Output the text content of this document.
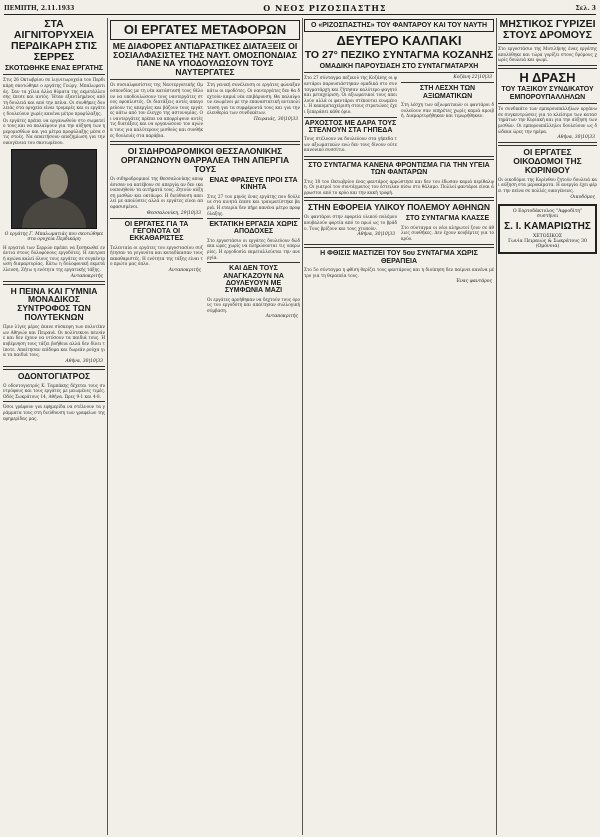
ΠΕΜΠΤΗ, 2.11.1933	Ο ΝΕΟΣ ΡΙΖΟΣΠΑΣΤΗΣ	Σελ. 3
ΣΤΑ ΑΙΓΝΙΤΟΡΥΧΕΙΑ ΠΕΡΔΙΚΑΡΗ ΣΤΙΣ ΣΕΡΡΕΣ
ΣΚΟΤΩΘΗΚΕ ΕΝΑΣ ΕΡΓΑΤΗΣ

Στις 26 Οκτωβρίου σε λιγνιτωρυχεία του Περδικάρη σκοτώθηκε ο εργάτης Γεώργ. Μπαλωματιάς. Σαν τα χίλια άλλα θύματα της εκμετάλλευσης έπεσε και αυτός. Ήταν εξαντλημένος από τη δουλειά και από την πείνα. Οι συνθήκες δουλειάς στα ορυχεία είναι τρομερές και οι εργάτες δουλεύουν χωρίς κανένα μέτρο προφύλαξης.

Οι εργάτες πρέπει να οργανωθούν στο σωματείο τους και να παλαίψουν για την αύξηση των ημερομισθίων και για μέτρα προφύλαξης μέσα στις στοές. Να απαιτήσουν αποζημίωση για την οικογένεια του σκοτωμένου.

Ο εργάτης Γ. Μπαλωματιάς που σκοτώθηκε στα ορυχεία Περδικάρη

Η εργατιά των Σερρών πρέπει να ξεσηκωθεί ενάντια στους δολοφόνους εργοδότες. Η επιτροπή αγώνα καλεί όλους τους εργάτες σε συγκέντρωση διαμαρτυρίας. Κάτω η δολοφονική εκμετάλλευση. Ζήτω η ενότητα της εργατικής τάξης.

Ανταποκριτής
Η ΠΕΙΝΑ ΚΑΙ ΓΥΜΝΙΑ ΜΟΝΑΔΙΚΟΣ ΣΥΝΤΡΟΦΟΣ ΤΩΝ ΠΟΛΥΤΕΚΝΩΝ

Πριν λίγες μέρες έκανε σύσκεψη των πολυτέκνων Αθηνών και Πειραιά. Οι πολύτεκνοι πεινάνε και δεν έχουν να ντύσουν τα παιδιά τους. Η κυβέρνηση τους τάζει βοήθεια αλλά δεν δίνει τίποτε. Απαίτησαν επίδομα και δωρεάν ρούχα για τα παιδιά τους.

Αθήνα, 30|10|33
ΟΔΟΝΤΟΓΙΑΤΡΟΣ

Ο οδοντογιατρός Κ. Ταμπάκης δέχεται τους συντρόφους και τους εργάτες με μειωμένες τιμές. Οδός Σωκράτους 14, Αθήνα. Ώρες 9-1 και 4-8.

Όσοι γράφουν για εφημερίδα να στέλνουν τα γράμματα τους στη διεύθυνση των γραφείων της εφημερίδας μας.

ΟΙ ΕΡΓΑΤΕΣ ΜΕΤΑΦΟΡΩΝ
ΜΕ ΔΙΑΦΟΡΕΣ ΑΝΤΙΔΡΑΣΤΙΚΕΣ ΔΙΑΤΑΞΕΙΣ ΟΙ ΣΟΣΙΑΛΦΑΣΙΣΤΕΣ ΤΗΣ ΝΑΥΤ. ΟΜΟΣΠΟΝΔΙΑΣ ΠΑΝΕ ΝΑ ΥΠΟΔΟΥΛΩΣΟΥΝ ΤΟΥΣ ΝΑΥΤΕΡΓΑΤΕΣ

Οι σοσιαλφασίστες της Ναυτεργατικής Ομοσπονδίας με τη νέα κατάστασή τους θέλουν να υποδουλώσουν τους ναυτεργάτες στους εφοπλιστές. Οι διατάξεις αυτές απαγορεύουν τις απεργίες και βάζουν τους εργάτες κάτω από τον έλεγχο της αστυνομίας. Οι ναυτεργάτες πρέπει να απορρίψουν αυτές τις διατάξεις και να οργανώσουν τον αγώνα τους για καλύτερους μισθούς και συνθήκες δουλειάς στα καράβια.

Στη γενική συνέλευση οι εργάτες φώναξαν κάτω οι προδότες. Οι ναυτεργάτες δεν θα δεχτούν καμιά νέα επιβάρυνση. Θα παλαίψουν ενωμένοι με την επαναστατική αντιπολίτευση για τα συμφέροντά τους και για την ελευθερία των συνδικάτων.

Πειραιάς, 30|10|33
ΟΙ ΣΙΔΗΡΟΔΡΟΜΙΚΟΙ ΘΕΣΣΑΛΟΝΙΚΗΣ ΟΡΓΑΝΩΝΟΥΝ ΘΑΡΡΑΛΕΑ ΤΗΝ ΑΠΕΡΓΙΑ ΤΟΥΣ

Οι σιδηροδρομικοί της Θεσσαλονίκης αποφάσισαν να κατέβουν σε απεργία αν δεν ικανοποιηθούν τα αιτήματά τους. Ζητούν αύξηση μισθών και οκτάωρο. Η διεύθυνση απειλεί με απολύσεις αλλά οι εργάτες είναι αποφασισμένοι.

Θεσσαλονίκη, 29|10|33
ΟΙ ΕΡΓΑΤΕΣ ΓΙΑ ΤΑ ΓΕΓΟΝΟΤΑ ΟΙ ΕΚΚΑΘΑΡΙΣΤΕΣ

Τελευταία οι εργάτες του εργοστασίου συζήτησαν τα γεγονότα και καταδίκασαν τους εκκαθαριστές. Η ενότητα της τάξης είναι το πρώτο μας όπλο.

Ανταποκριτής
ΕΝΑΣ ΦΡΑΣΕΥΕ ΠΡΟΙ ΣΤΑ ΚΙΝΗΤΑ

Στις 27 του μηνός ένας εργάτης που δούλευε στα κινητά έπεσε και τραυματίστηκε βαριά. Η εταιρία δεν πήρε κανένα μέτρο προφύλαξης.

ΕΚΤΑΤΙΚΗ ΕΡΓΑΣΙΑ ΧΩΡΙΣ ΑΠΟΔΟΧΕΣ

Στο εργοστάσιο οι εργάτες δουλεύουν δώδεκα ώρες χωρίς να πληρώνονται τις υπερωρίες. Η εργοδοσία εκμεταλλεύεται την ανεργία.

ΚΑΙ ΔΕΝ ΤΟΥΣ ΑΝΑΓΚΑΖΟΥΝ ΝΑ ΔΟΥΛΕΥΟΥΝ ΜΕ ΣΥΜΦΩΝΙΑ ΜΑΖΙ

Οι εργάτες αρνήθηκαν να δεχτούν τους όρους του εργοδότη και απαίτησαν συλλογική σύμβαση.

Ανταποκριτής
Ο «ΡΙΖΟΣΠΑΣΤΗΣ» ΤΟΥ ΦΑΝΤΑΡΟΥ ΚΑΙ ΤΟΥ ΝΑΥΤΗ
ΔΕΥΤΕΡΟ ΚΑΛΠΑΚΙ
ΤΟ 27° ΠΕΖΙΚΟ ΣΥΝΤΑΓΜΑ ΚΟΖΑΝΗΣ
ΟΜΑΔΙΚΗ ΠΑΡΟΥΣΙΑΣΗ ΣΤΟ ΣΥΝΤΑΓΜΑΤΑΡΧΗ

Στο 27 σύνταγμα πεζικού της Κοζάνης οι φαντάροι παρουσιάστηκαν ομαδικά στο συνταγματάρχη και ζήτησαν καλύτερο φαγητό και μεταχείριση. Οι αξιωματικοί τους απειλούν αλλά οι φαντάροι στέκονται ενωμένοι. Η κακομεταχείριση στους στρατώνες έχει ξεπεράσει κάθε όριο.

ΑΡΧΟΣΤΟΣ ΜΕ ΔΑΡΑ ΤΟΥΣ ΣΤΕΛΝΟΥΝ ΣΤΑ ΓΗΠΕΔΑ

Τους στέλνουν να δουλεύουν στα γήπεδα των αξιωματικών ενώ δεν τους δίνουν ούτε κανονικό συσσίτιο.

Κοζάνη 22|10|33
ΣΤΗ ΛΕΣΧΗ ΤΩΝ ΑΞΙΩΜΑΤΙΚΩΝ

Στη λέσχη των αξιωματικών οι φαντάροι δουλεύουν σαν υπηρέτες χωρίς καμιά αμοιβή. Διαμαρτυρήθηκαν και τιμωρήθηκαν.

ΣΤΟ ΣΥΝΤΑΓΜΑ ΚΑΝΕΝΑ ΦΡΟΝΤΙΣΜΑ ΓΙΑ ΤΗΝ ΥΓΕΙΑ ΤΩΝ ΦΑΝΤΑΡΩΝ

Στις 18 του Οκτωβρίου ένας φαντάρος αρρώστησε και δεν του έδωσαν καμιά περίθαλψη. Οι γιατροί του συντάγματος τον έστειλαν πίσω στο θάλαμο. Πολλοί φαντάροι είναι άρρωστοι από το κρύο και την κακή τροφή.

ΣΤΗΝ ΕΦΟΡΕΙΑ ΥΛΙΚΟΥ ΠΟΛΕΜΟΥ ΑΘΗΝΩΝ

Οι φαντάροι στην εφορεία υλικού πολέμου κουβαλούν φορτία από το πρωί ως το βράδυ. Τους βρίζουν και τους χτυπούν.

Αθήνα, 30|10|33
ΣΤΟ ΣΥΝΤΑΓΜΑ ΚΛΑΣΣΕ

Στο σύνταγμα οι νέοι κληρωτοί ζουν σε άθλιες συνθήκες. Δεν έχουν κουβέρτες για το κρύο.

Η ΦΘΙΣΙΣ ΜΑΣΤΙΖΕΙ ΤΟΥ 5ου ΣΥΝΤΑΓΜΑ ΧΩΡΙΣ ΘΕΡΑΠΕΙΑ

Στο 5ο σύνταγμα η φθίση θερίζει τους φαντάρους και η διοίκηση δεν παίρνει κανένα μέτρο για τη θεραπεία τους.

Ένας φαντάρος
ΜΗΣΤΙΚΟΣ ΓΥΡΙΖΕΙ ΣΤΟΥΣ ΔΡΟΜΟΥΣ

Στο εργοστάσιο της Μυτιλήνης ένας εργάτης απολύθηκε και τώρα γυρίζει στους δρόμους χωρίς δουλειά και ψωμί.

Η ΔΡΑΣΗ
ΤΟΥ ΤΑΞΙΚΟΥ ΣΥΝΔΙΚΑΤΟΥ ΕΜΠΟΡΟΥΠΑΛΛΗΛΩΝ

Το συνδικάτο των εμπορουπαλλήλων οργάνωσε συγκεντρώσεις για το κλείσιμο των καταστημάτων την Κυριακή και για την αύξηση των μισθών. Οι εμπορουπάλληλοι δουλεύουν ως δώδεκα ώρες την ημέρα.

Αθήνα, 30|10|33
ΟΙ ΕΡΓΑΤΕΣ ΟΙΚΟΔΟΜΟΙ ΤΗΣ ΚΟΡΙΝΘΟΥ

Οι οικοδόμοι της Κορίνθου ζητούν δουλειά και αύξηση στα μεροκάματα. Η ανεργία έχει φέρει την πείνα σε πολλές οικογένειες.

Οικοδόμος
Ο Εορτοδάκτυλος "Αφροδίτη" συστήνει
Σ. Ι. ΚΑΜΑΡΙΩΤΗΣ
ΧΕΤΟΣΙΚΟΣ
Γωνία Πειραιώς & Σωκράτους 30 (Ομόνοια)
